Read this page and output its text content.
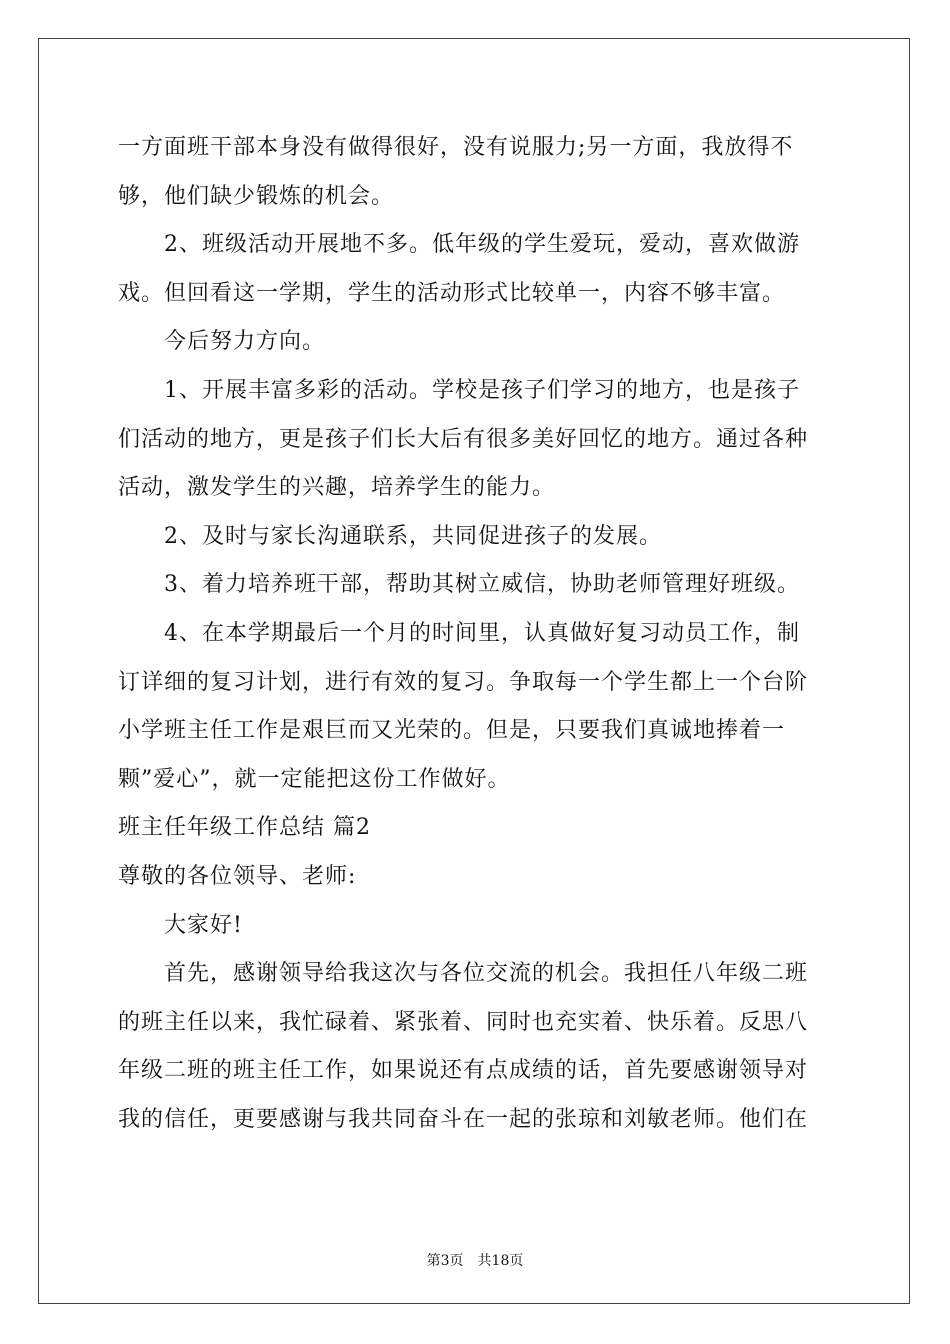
一方面班干部本身没有做得很好，没有说服力;另一方面，我放得不
够，他们缺少锻炼的机会。
2、班级活动开展地不多。低年级的学生爱玩，爱动，喜欢做游
戏。但回看这一学期，学生的活动形式比较单一，内容不够丰富。
今后努力方向。
1、开展丰富多彩的活动。学校是孩子们学习的地方，也是孩子
们活动的地方，更是孩子们长大后有很多美好回忆的地方。通过各种
活动，激发学生的兴趣，培养学生的能力。
2、及时与家长沟通联系，共同促进孩子的发展。
3、着力培养班干部，帮助其树立威信，协助老师管理好班级。
4、在本学期最后一个月的时间里，认真做好复习动员工作，制
订详细的复习计划，进行有效的复习。争取每一个学生都上一个台阶
小学班主任工作是艰巨而又光荣的。但是，只要我们真诚地捧着一
颗”爱心”，就一定能把这份工作做好。
班主任年级工作总结 篇2
尊敬的各位领导、老师:
大家好!
首先，感谢领导给我这次与各位交流的机会。我担任八年级二班
的班主任以来，我忙碌着、紧张着、同时也充实着、快乐着。反思八
年级二班的班主任工作，如果说还有点成绩的话，首先要感谢领导对
我的信任，更要感谢与我共同奋斗在一起的张琼和刘敏老师。他们在
第3页 共18页
